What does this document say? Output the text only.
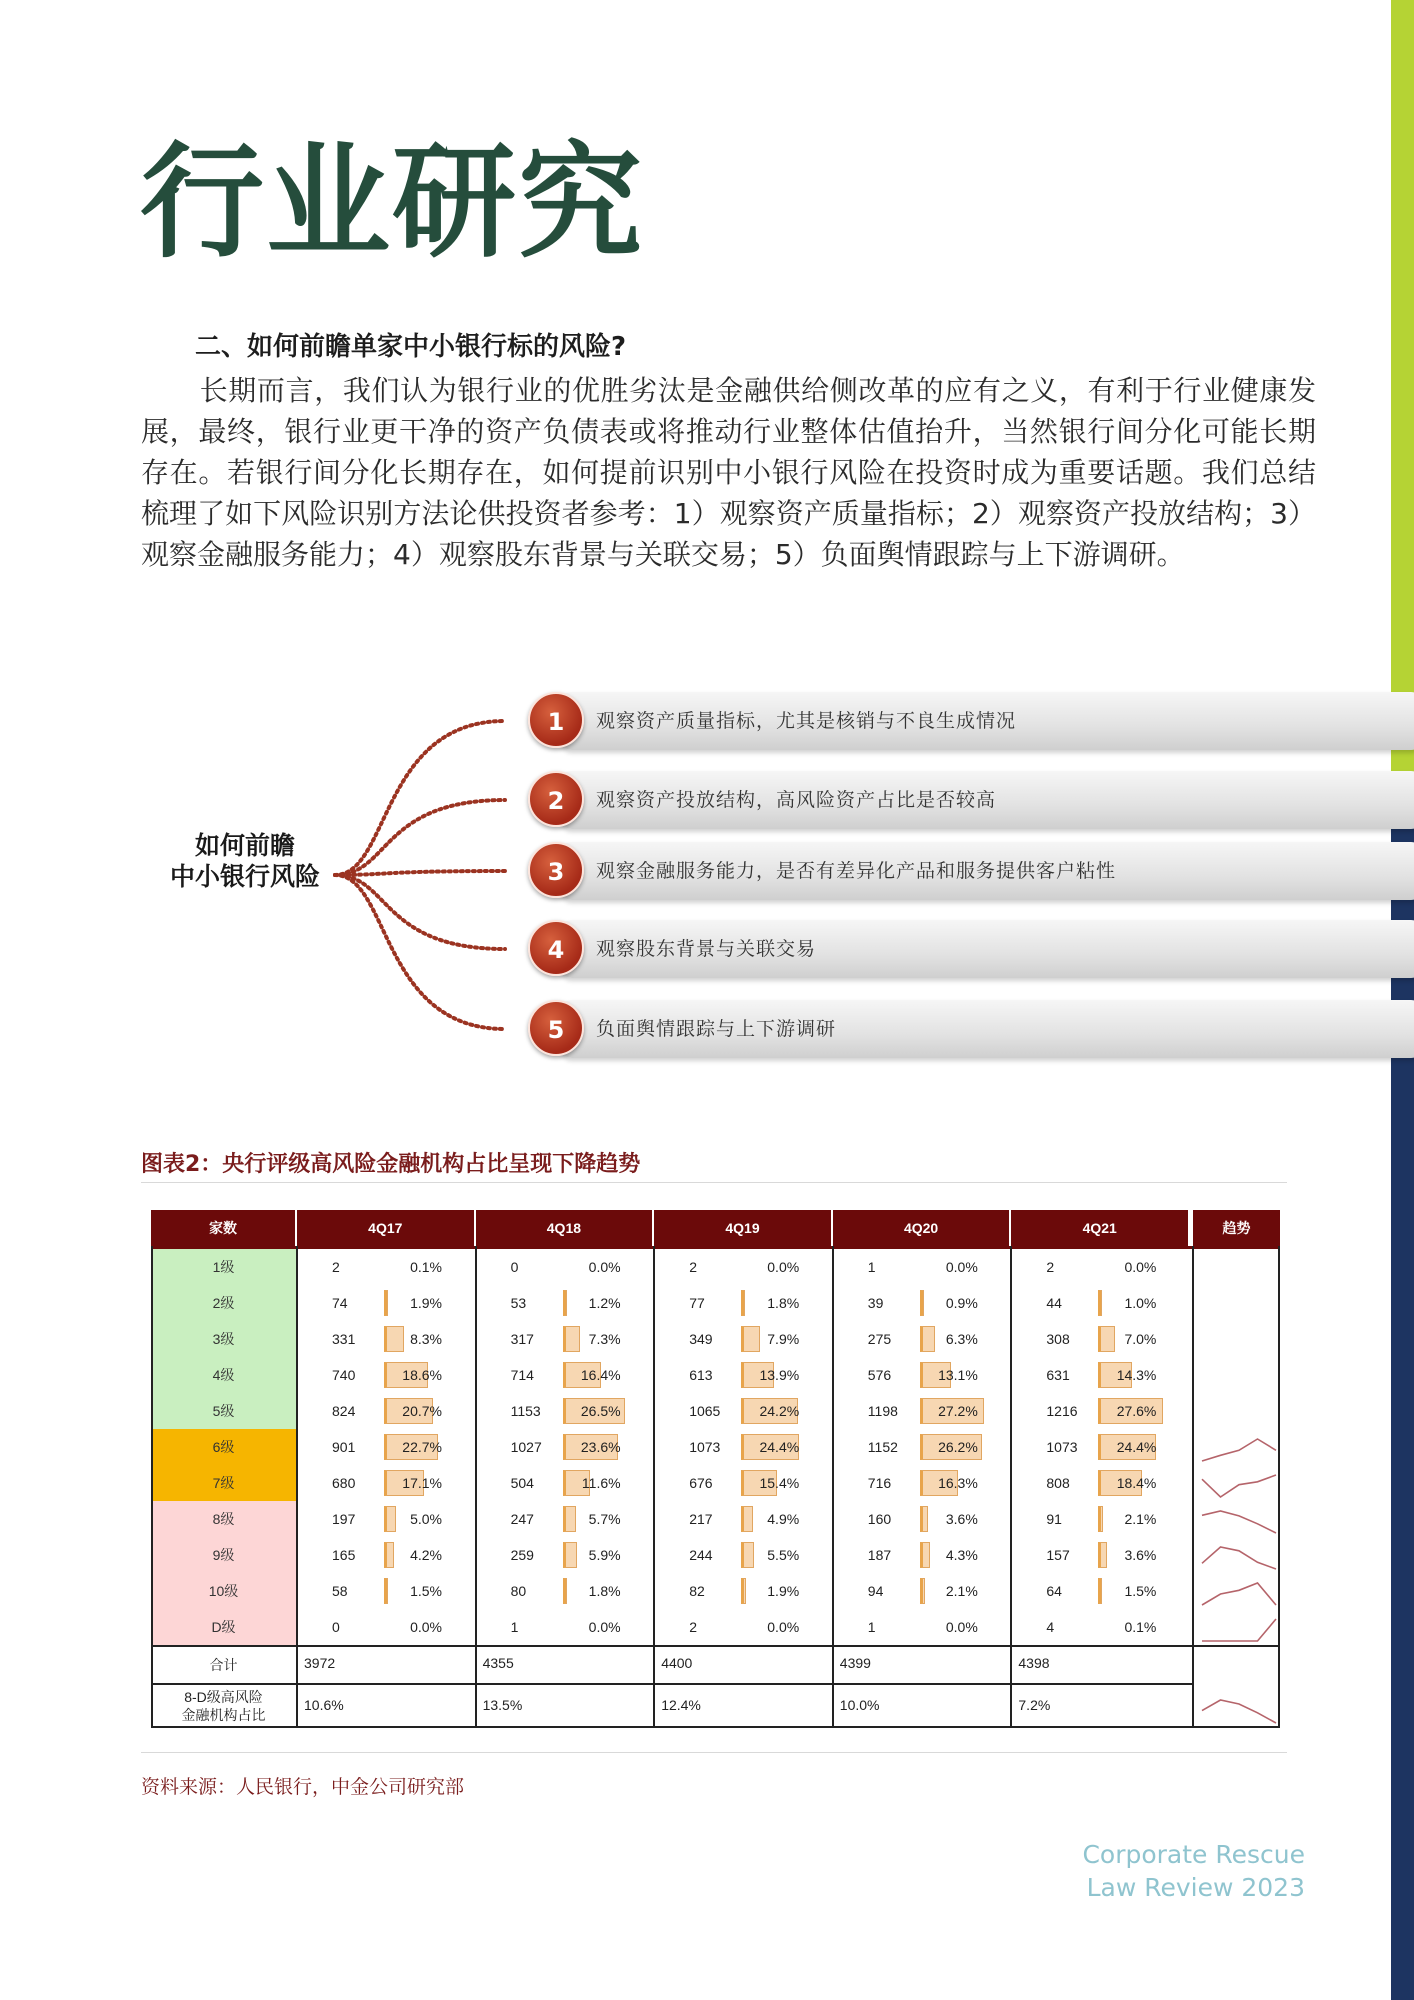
行业研究
二、如何前瞻单家中小银行标的风险?
长期而言，我们认为银行业的优胜劣汰是金融供给侧改革的应有之义，有利于行业健康发展，最终，银行业更干净的资产负债表或将推动行业整体估值抬升，当然银行间分化可能长期存在。若银行间分化长期存在，如何提前识别中小银行风险在投资时成为重要话题。我们总结梳理了如下风险识别方法论供投资者参考：1）观察资产质量指标；2）观察资产投放结构；3）观察金融服务能力；4）观察股东背景与关联交易；5）负面舆情跟踪与上下游调研。
如何前瞻
中小银行风险
1	观察资产质量指标，尤其是核销与不良生成情况
2	观察资产投放结构，高风险资产占比是否较高
3	观察金融服务能力，是否有差异化产品和服务提供客户粘性
4	观察股东背景与关联交易
5	负面舆情跟踪与上下游调研
图表2：央行评级高风险金融机构占比呈现下降趋势
家数	4Q17	4Q18	4Q19	4Q20	4Q21	趋势
1级	2	0.1%	0	0.0%	2	0.0%	1	0.0%	2	0.0%
2级	74	1.9%	53	1.2%	77	1.8%	39	0.9%	44	1.0%
3级	331	8.3%	317	7.3%	349	7.9%	275	6.3%	308	7.0%
4级	740	18.6%	714	16.4%	613	13.9%	576	13.1%	631	14.3%
5级	824	20.7%	1153	26.5%	1065	24.2%	1198	27.2%	1216	27.6%
6级	901	22.7%	1027	23.6%	1073	24.4%	1152	26.2%	1073	24.4%
7级	680	17.1%	504	11.6%	676	15.4%	716	16.3%	808	18.4%
8级	197	5.0%	247	5.7%	217	4.9%	160	3.6%	91	2.1%
9级	165	4.2%	259	5.9%	244	5.5%	187	4.3%	157	3.6%
10级	58	1.5%	80	1.8%	82	1.9%	94	2.1%	64	1.5%
D级	0	0.0%	1	0.0%	2	0.0%	1	0.0%	4	0.1%
合计	3972	4355	4400	4399	4398
8-D级高风险
金融机构占比
10.6%	13.5%	12.4%	10.0%	7.2%
资料来源：人民银行，中金公司研究部
Corporate Rescue
Law Review 2023
